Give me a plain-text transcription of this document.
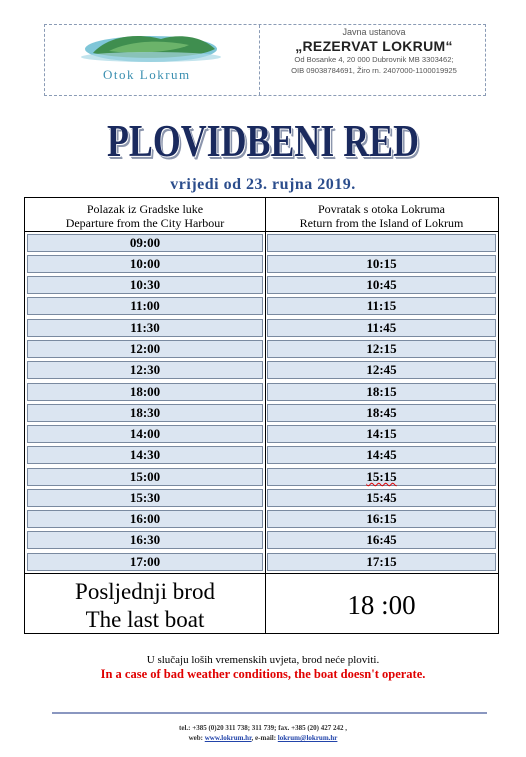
Otok Lokrum
Javna ustanova
„REZERVAT LOKRUM“
Od Bosanke 4, 20 000 Dubrovnik MB 3303462;
OIB 09038784691, Žiro rn. 2407000-1100019925
PLOVIDBENI RED
vrijedi od 23. rujna 2019.
Polazak iz Gradske luke
Departure from the City Harbour
09:00
10:00
10:30
11:00
11:30
12:00
12:30
18:00
18:30
14:00
14:30
15:00
15:30
16:00
16:30
17:00
Posljednji brod
The last boat
Povratak s otoka Lokruma
Return from the Island of Lokrum
10:15
10:45
11:15
11:45
12:15
12:45
18:15
18:45
14:15
14:45
15:15
15:45
16:15
16:45
17:15
18 :00
U slučaju loših vremenskih uvjeta, brod neće ploviti.
In a case of bad weather conditions, the boat doesn't operate.
tel.: +385 (0)20 311 738; 311 739; fax. +385 (20) 427 242 ,
web: www.lokrum.hr, e-mail: lokrum@lokrum.hr
